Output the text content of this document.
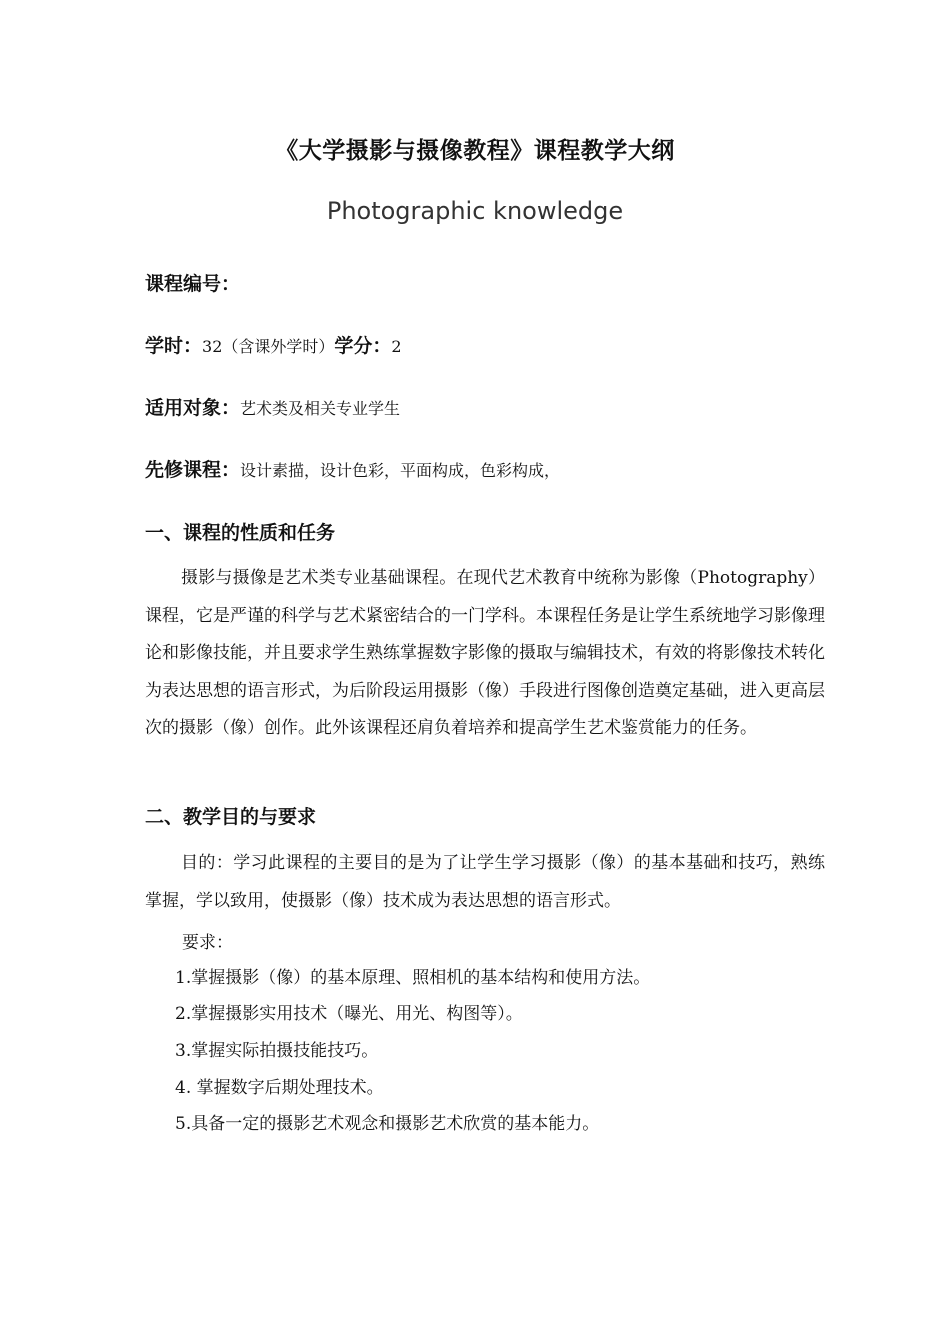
《大学摄影与摄像教程》课程教学大纲
Photographic knowledge
课程编号：
学时：32（含课外学时）学分：2
适用对象：艺术类及相关专业学生
先修课程：设计素描，设计色彩，平面构成，色彩构成，
一、课程的性质和任务
摄影与摄像是艺术类专业基础课程。在现代艺术教育中统称为影像（Photography）课程，它是严谨的科学与艺术紧密结合的一门学科。本课程任务是让学生系统地学习影像理论和影像技能，并且要求学生熟练掌握数字影像的摄取与编辑技术，有效的将影像技术转化为表达思想的语言形式，为后阶段运用摄影（像）手段进行图像创造奠定基础，进入更高层次的摄影（像）创作。此外该课程还肩负着培养和提高学生艺术鉴赏能力的任务。
二、教学目的与要求
目的：学习此课程的主要目的是为了让学生学习摄影（像）的基本基础和技巧，熟练掌握，学以致用，使摄影（像）技术成为表达思想的语言形式。
要求：
1.掌握摄影（像）的基本原理、照相机的基本结构和使用方法。
2.掌握摄影实用技术（曝光、用光、构图等）。
3.掌握实际拍摄技能技巧。
4. 掌握数字后期处理技术。
5.具备一定的摄影艺术观念和摄影艺术欣赏的基本能力。
